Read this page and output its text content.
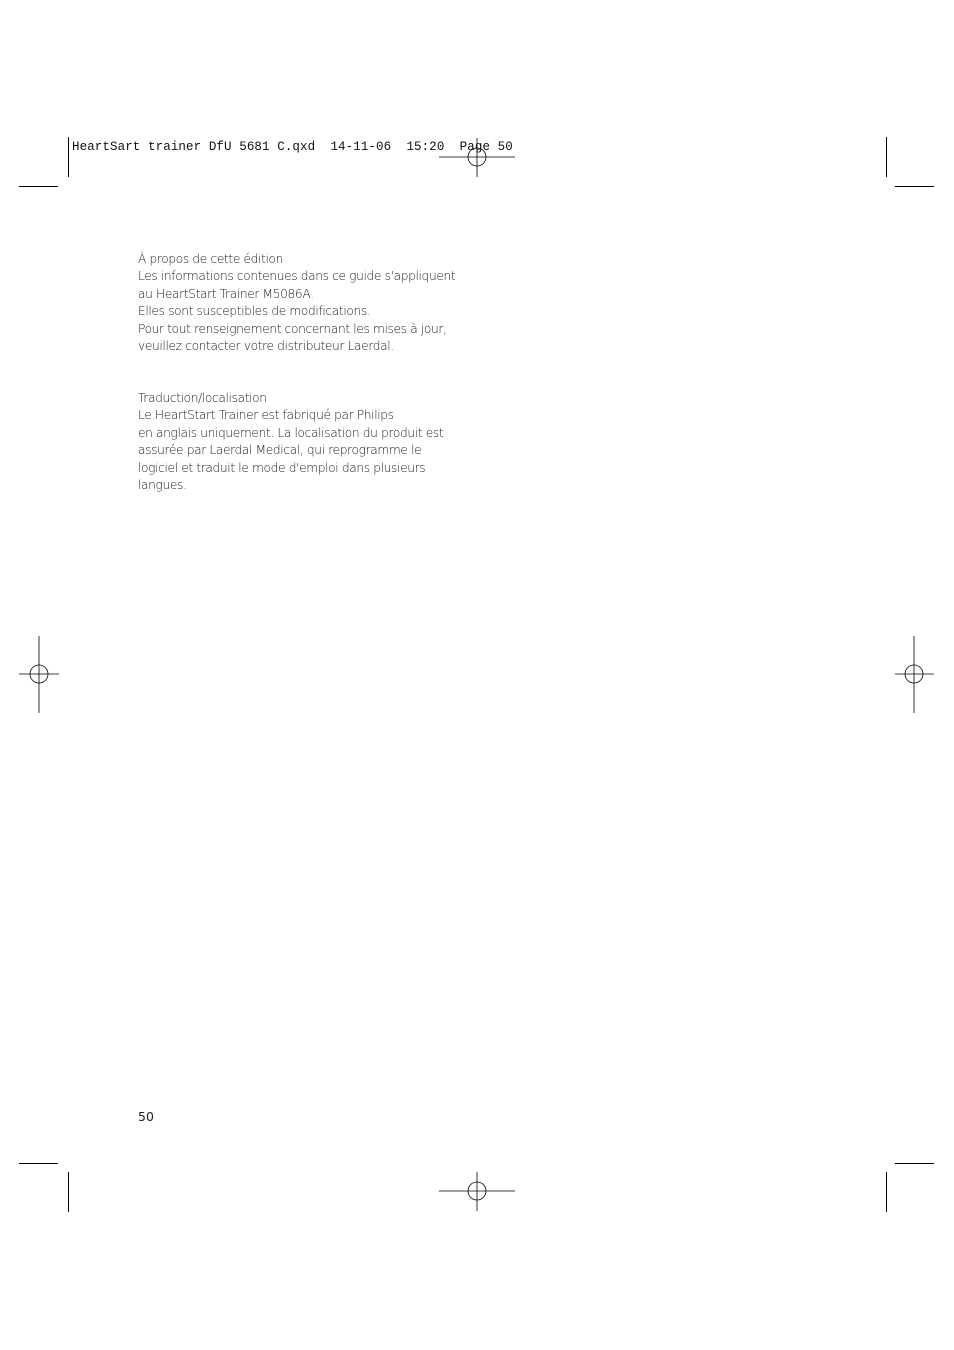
HeartSart trainer DfU 5681 C.qxd  14-11-06  15:20  Page 50

À propos de cette édition

Les informations contenues dans ce guide s'appliquent

au HeartStart Trainer M5086A.

Elles sont susceptibles de modifications.

Pour tout renseignement concernant les mises à jour,

veuillez contacter votre distributeur Laerdal.

Traduction/localisation

Le HeartStart Trainer est fabriqué par Philips

en anglais uniquement. La localisation du produit est

assurée par Laerdal Medical, qui reprogramme le

logiciel et traduit le mode d'emploi dans plusieurs

langues.

50
